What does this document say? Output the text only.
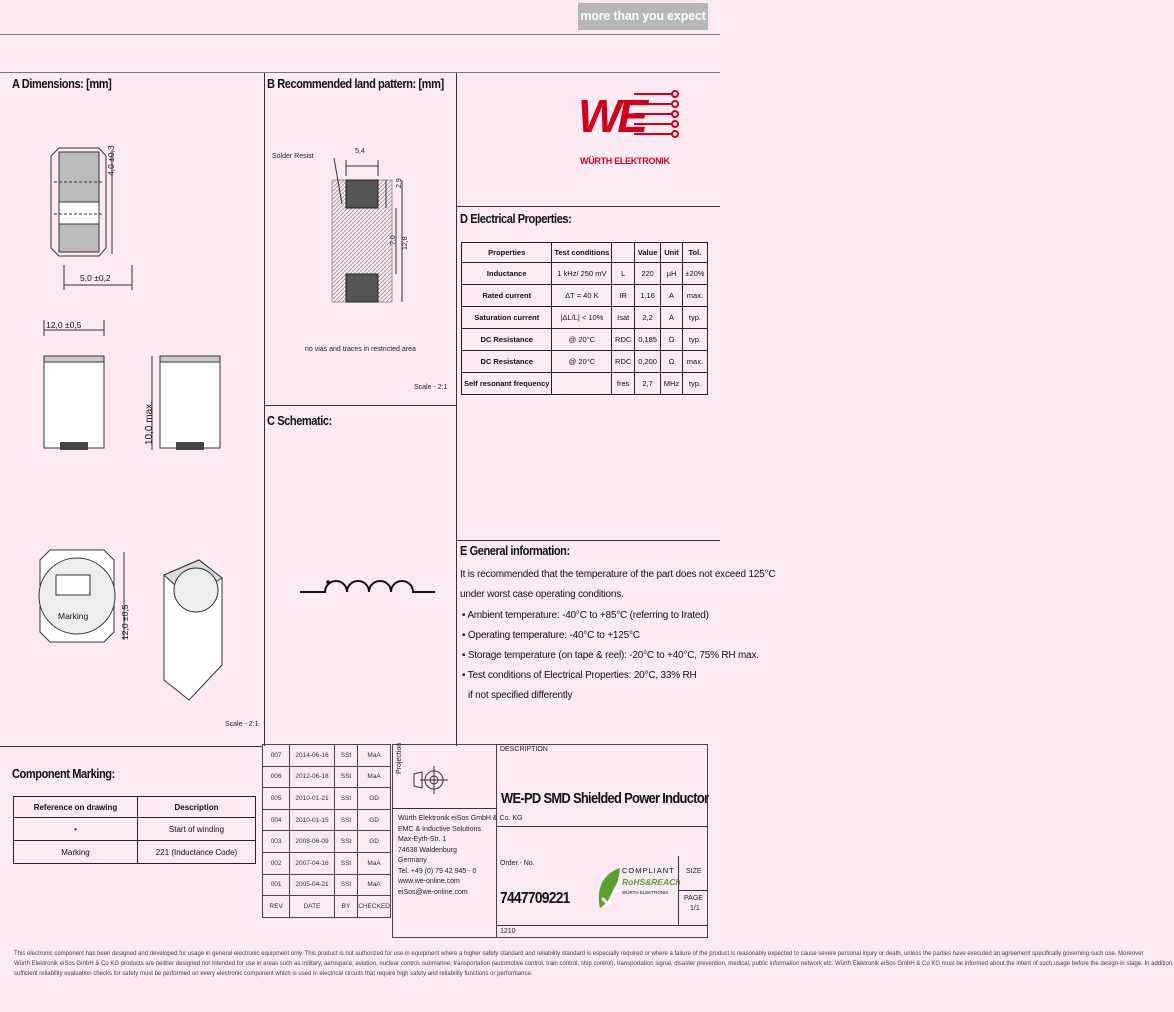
more than you expect
A Dimensions: [mm]	B Recommended land pattern: [mm]
C Schematic:
D Electrical Properties:
E General information:
Component Marking:
WE
WÜRTH ELEKTRONIK
5,0 ±0,2
4,0 ±0,3
12,0 ±0,5
10,0 max.
12,0 ±0,5
Marking
Scale - 2:1
Solder Resist
5,4
2,9
7,0 12,8
no vias and traces in restricted area
Scale - 2:1
Properties	Test conditions		Value	Unit	Tol.
Inductance	1 kHz/ 250 mV	L	220	µH	±20%
Rated current	ΔT = 40 K	IR	1,16	A	max.
Saturation current	|ΔL/L| < 10%	Isat	2,2	A	typ.
DC Resistance	@ 20°C	RDC	0,185	Ω	typ.
DC Resistance	@ 20°C	RDC	0,200	Ω	max.
Self resonant frequency		fres	2,7	MHz	typ.
It is recommended that the temperature of the part does not exceed 125°C
under worst case operating conditions.
• Ambient temperature: -40°C to +85°C (referring to Irated)
• Operating temperature: -40°C to +125°C
• Storage temperature (on tape & reel): -20°C to +40°C, 75% RH max.
• Test conditions of Electrical Properties: 20°C, 33% RH
if not specified differently
Reference on drawing	Description
•	Start of winding
Marking	221 (Inductance Code)
007	2014-06-16	SSt	MaA
006	2012-06-18	SSt	MaA
005	2010-01-21	SSt	GD
004	2010-01-15	SSt	GD
003	2008-06-09	SSt	GD
002	2007-04-16	SSt	MaA
001	2005-04-21	SSt	MaA
REV	DATE	BY	CHECKED
Projection
Würth Elektronik eiSos GmbH & Co. KG
EMC & Inductive Solutions
Max-Eyth-Str. 1
74638 Waldenburg
Germany
Tel. +49 (0) 79 42 945 - 0
www.we-online.com
eiSos@we-online.com
DESCRIPTION
WE-PD SMD Shielded Power Inductor
Order.- No.
7447709221
SIZE
1210
PAGE
1/1
COMPLIANT
RoHS&REACh
WÜRTH ELEKTRONIK
This electronic component has been designed and developed for usage in general electronic equipment only. This product is not authorized for use in equipment where a higher safety standard and reliability standard is especially required or where a failure of the product is reasonably expected to cause severe personal injury or death, unless the parties have executed an agreement specifically governing such use. Moreover
Würth Elektronik eiSos GmbH & Co KG products are neither designed nor intended for use in areas such as military, aerospace, aviation, nuclear control, submarine, transportation (automotive control, train control, ship control), transportation signal, disaster prevention, medical, public information network etc. Würth Elektronik eiSos GmbH & Co KG must be informed about the intent of such usage before the design-in stage. In addition,
sufficient reliability evaluation checks for safety must be performed on every electronic component which is used in electrical circuits that require high safety and reliability functions or performance.
